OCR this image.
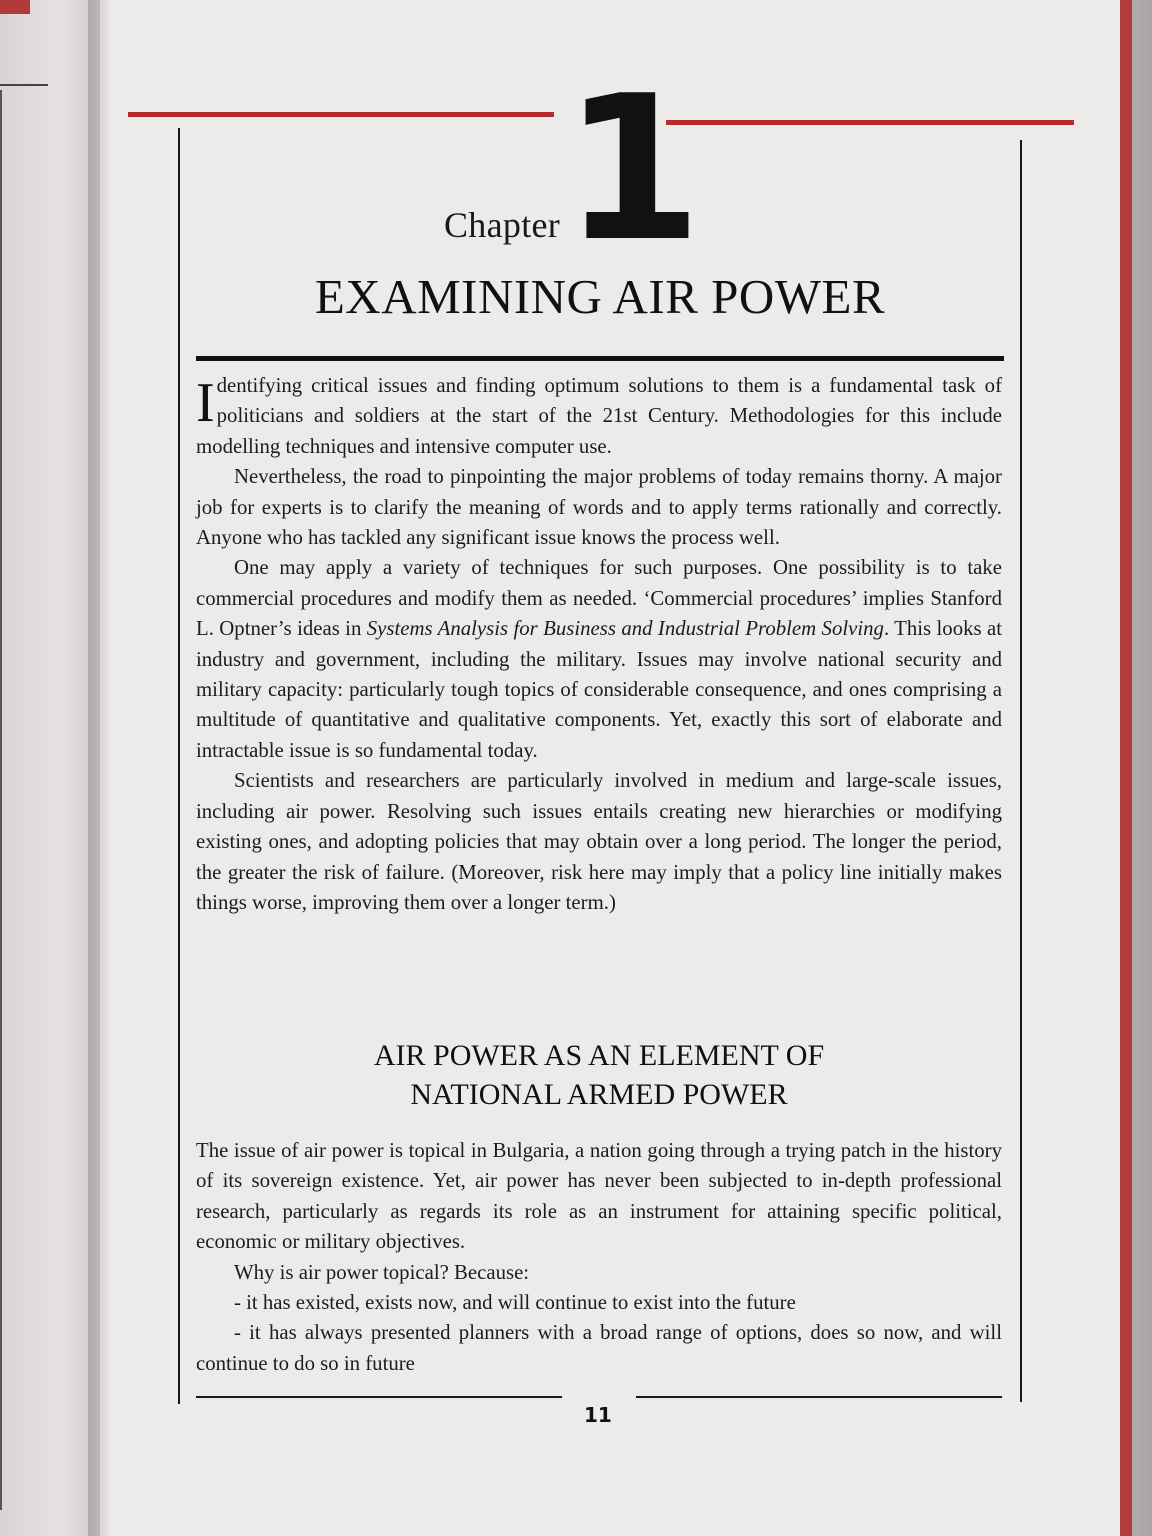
1
Chapter
EXAMINING AIR POWER

Identifying critical issues and finding optimum solutions to them is a fundamental task of politicians and soldiers at the start of the 21st Century. Methodologies for this include modelling techniques and intensive computer use.

Nevertheless, the road to pinpointing the major problems of today remains thorny. A major job for experts is to clarify the meaning of words and to apply terms rationally and correctly. Anyone who has tackled any significant issue knows the process well.

One may apply a variety of techniques for such purposes. One possibility is to take commercial procedures and modify them as needed. ‘Commercial procedures’ implies Stanford L. Optner’s ideas in Systems Analysis for Business and Industrial Problem Solving. This looks at industry and government, including the military. Issues may involve national security and military capacity: particularly tough topics of considerable consequence, and ones comprising a multitude of quantitative and qualitative components. Yet, exactly this sort of elaborate and intractable issue is so fundamental today.

Scientists and researchers are particularly involved in medium and large-scale issues, including air power. Resolving such issues entails creating new hierarchies or modifying existing ones, and adopting policies that may obtain over a long period. The longer the period, the greater the risk of failure. (Moreover, risk here may imply that a policy line initially makes things worse, improving them over a longer term.)

AIR POWER AS AN ELEMENT OF
NATIONAL ARMED POWER

The issue of air power is topical in Bulgaria, a nation going through a trying patch in the history of its sovereign existence. Yet, air power has never been subjected to in-depth professional research, particularly as regards its role as an instrument for attaining specific political, economic or military objectives.

Why is air power topical? Because:

- it has existed, exists now, and will continue to exist into the future

- it has always presented planners with a broad range of options, does so now, and will continue to do so in future

11
